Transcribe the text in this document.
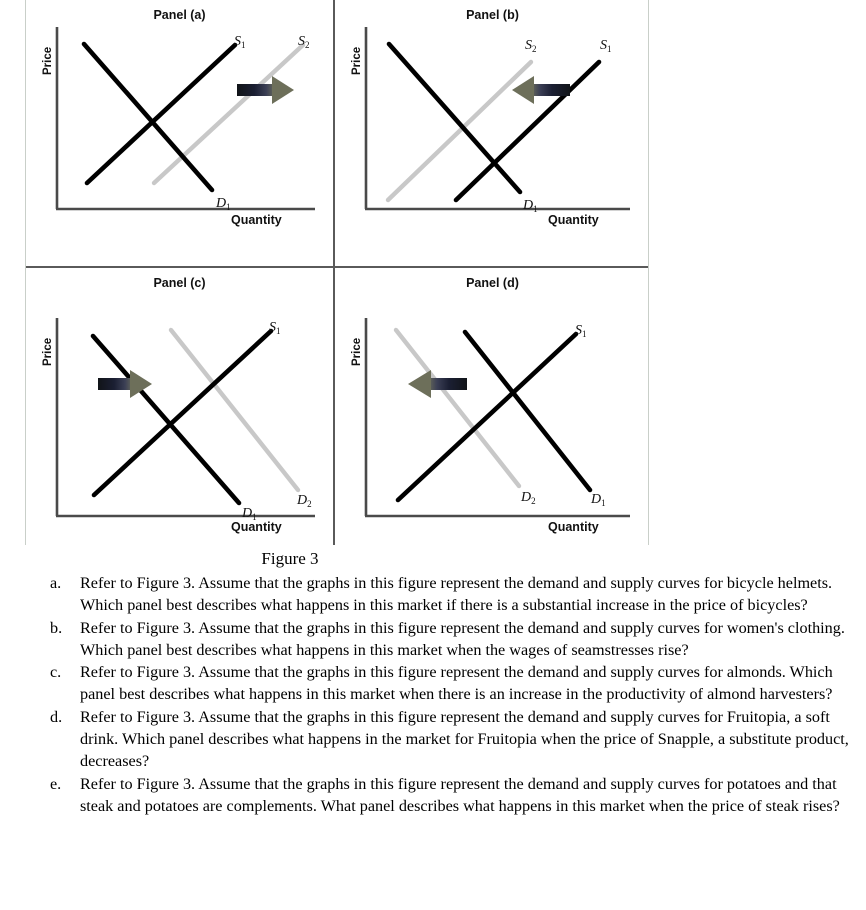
Panel (a)
Price
Quantity
$S_1$	$S_2$
$D_1$
Panel (b)
Price
Quantity
$S_2$	$S_1$
$D_1$
Panel (c)
Price
Quantity
$S_1$
$D_1$
$D_2$
Panel (d)
Price
Quantity
$S_1$
$D_1$
$D_2$
Figure 3
a.	Refer to Figure 3. Assume that the graphs in this figure represent the demand and supply curves for bicycle helmets. Which panel best describes what happens in this market if there is a substantial increase in the price of bicycles?
b.	Refer to Figure 3. Assume that the graphs in this figure represent the demand and supply curves for women's clothing. Which panel best describes what happens in this market when the wages of seamstresses rise?
c.	Refer to Figure 3. Assume that the graphs in this figure represent the demand and supply curves for almonds. Which panel best describes what happens in this market when there is an increase in the productivity of almond harvesters?
d.	Refer to Figure 3. Assume that the graphs in this figure represent the demand and supply curves for Fruitopia, a soft drink. Which panel describes what happens in the market for Fruitopia when the price of Snapple, a substitute product, decreases?
e.	Refer to Figure 3. Assume that the graphs in this figure represent the demand and supply curves for potatoes and that steak and potatoes are complements. What panel describes what happens in this market when the price of steak rises?
